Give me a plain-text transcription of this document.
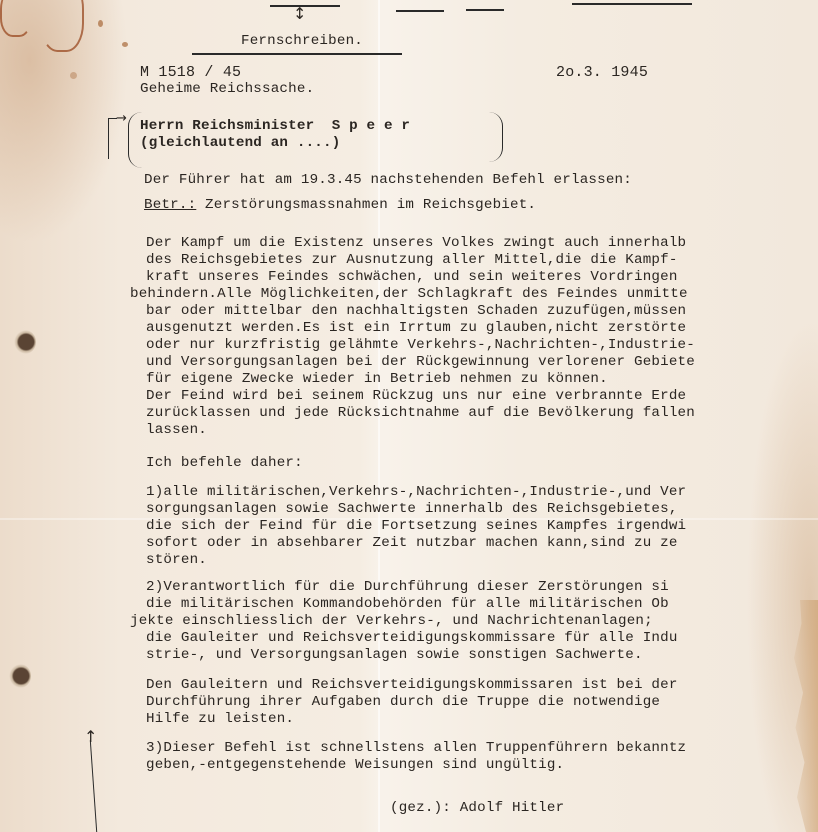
↕
Fernschreiben.
M 1518 / 45	2o.3. 1945
Geheime Reichssache.
→ Herrn Reichsminister  S p e e r
(gleichlautend an ....)
Der Führer hat am 19.3.45 nachstehenden Befehl erlassen:
Betr.: Zerstörungsmassnahmen im Reichsgebiet.
Der Kampf um die Existenz unseres Volkes zwingt auch innerhalb
des Reichsgebietes zur Ausnutzung aller Mittel,die die Kampf-
kraft unseres Feindes schwächen, und sein weiteres Vordringen
behindern.Alle Möglichkeiten,der Schlagkraft des Feindes unmitte
bar oder mittelbar den nachhaltigsten Schaden zuzufügen,müssen
ausgenutzt werden.Es ist ein Irrtum zu glauben,nicht zerstörte
oder nur kurzfristig gelähmte Verkehrs-,Nachrichten-,Industrie-
und Versorgungsanlagen bei der Rückgewinnung verlorener Gebiete
für eigene Zwecke wieder in Betrieb nehmen zu können.
Der Feind wird bei seinem Rückzug uns nur eine verbrannte Erde
zurücklassen und jede Rücksichtnahme auf die Bevölkerung fallen
lassen.
Ich befehle daher:
1)alle militärischen,Verkehrs-,Nachrichten-,Industrie-,und Ver
sorgungsanlagen sowie Sachwerte innerhalb des Reichsgebietes,
die sich der Feind für die Fortsetzung seines Kampfes irgendwi
sofort oder in absehbarer Zeit nutzbar machen kann,sind zu ze
stören.
2)Verantwortlich für die Durchführung dieser Zerstörungen si
die militärischen Kommandobehörden für alle militärischen Ob
jekte einschliesslich der Verkehrs-, und Nachrichtenanlagen;
die Gauleiter und Reichsverteidigungskommissare für alle Indu
strie-, und Versorgungsanlagen sowie sonstigen Sachwerte.
Den Gauleitern und Reichsverteidigungskommissaren ist bei der
Durchführung ihrer Aufgaben durch die Truppe die notwendige
Hilfe zu leisten.
3)Dieser Befehl ist schnellstens allen Truppenführern bekanntz
geben,-entgegenstehende Weisungen sind ungültig.
↑
(gez.): Adolf Hitler
